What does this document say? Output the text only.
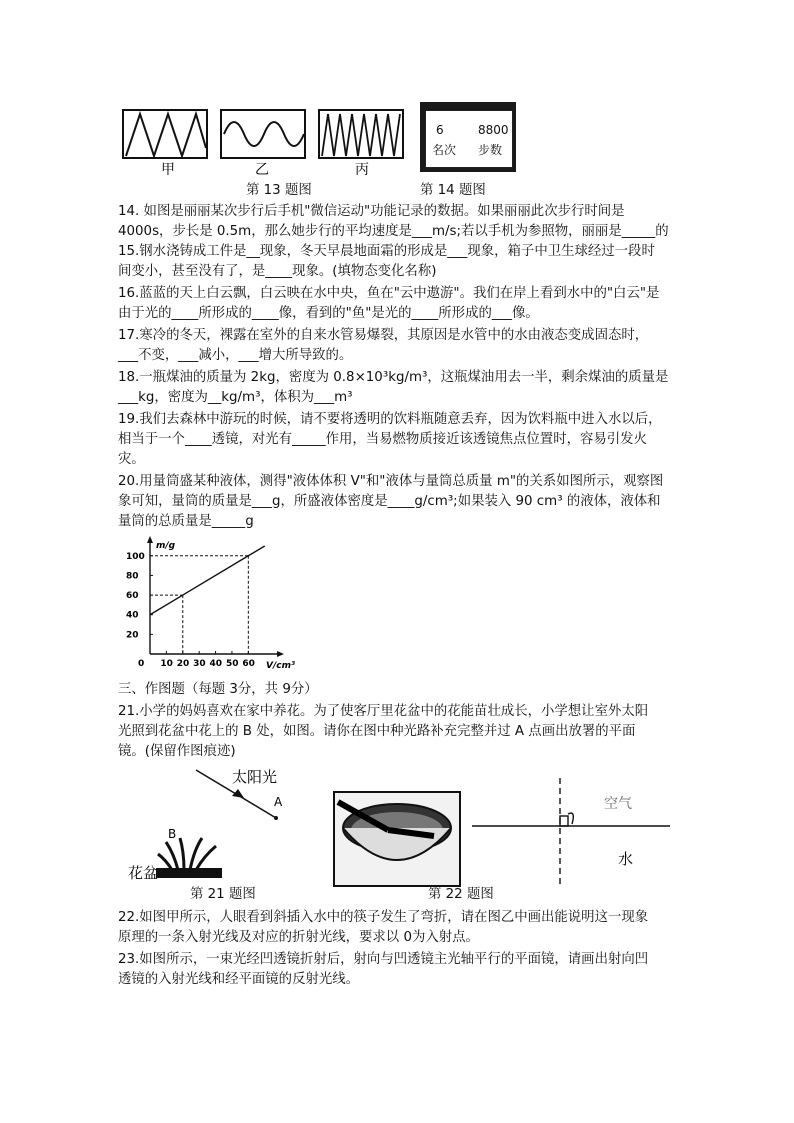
甲	乙	丙
6	8800
名次 步数
第 13 题图	第 14 题图
14. 如图是丽丽某次步行后手机"微信运动"功能记录的数据。如果丽丽此次步行时间是
4000s，步长是 0.5m，那么她步行的平均速度是___m/s;若以手机为参照物，丽丽是_____的
15.钢水浇铸成工件是__现象，冬天早晨地面霜的形成是___现象，箱子中卫生球经过一段时
间变小，甚至没有了，是____现象。(填物态变化名称)
16.蓝蓝的天上白云飘，白云映在水中央，鱼在"云中遨游"。我们在岸上看到水中的"白云"是
由于光的____所形成的____像，看到的"鱼"是光的____所形成的___像。
17.寒冷的冬天，裸露在室外的自来水管易爆裂，其原因是水管中的水由液态变成固态时，
___不变，___减小，___增大所导致的。
18.一瓶煤油的质量为 2kg，密度为 0.8×10³kg/m³，这瓶煤油用去一半，剩余煤油的质量是
___kg，密度为__kg/m³，体积为___m³
19.我们去森林中游玩的时候，请不要将透明的饮料瓶随意丢弃，因为饮料瓶中进入水以后，
相当于一个____透镜，对光有_____作用，当易燃物质接近该透镜焦点位置时，容易引发火
灾。
20.用量筒盛某种液体，测得"液体体积 V"和"液体与量筒总质量 m"的关系如图所示，观察图
象可知，量筒的质量是___g，所盛液体密度是____g/cm³;如果装入 90 cm³ 的液体，液体和
量筒的总质量是_____g
m/g
V/cm³
0 10 20 30 40 50 60
20
40
60
80
100
三、作图题（每题 3分，共 9分）
21.小学的妈妈喜欢在家中养花。为了使客厅里花盆中的花能苗壮成长，小学想让室外太阳
光照到花盆中花上的 B 处，如图。请你在图中种光路补充完整并过 A 点画出放署的平面
镜。(保留作图痕迹)
太阳光
A
B
花盆
空气
水
第 21 题图	第 22 题图
22.如图甲所示，人眼看到斜插入水中的筷子发生了弯折，请在图乙中画出能说明这一现象
原理的一条入射光线及对应的折射光线，要求以 0为入射点。
23.如图所示，一束光经凹透镜折射后，射向与凹透镜主光轴平行的平面镜，请画出射向凹
透镜的入射光线和经平面镜的反射光线。
